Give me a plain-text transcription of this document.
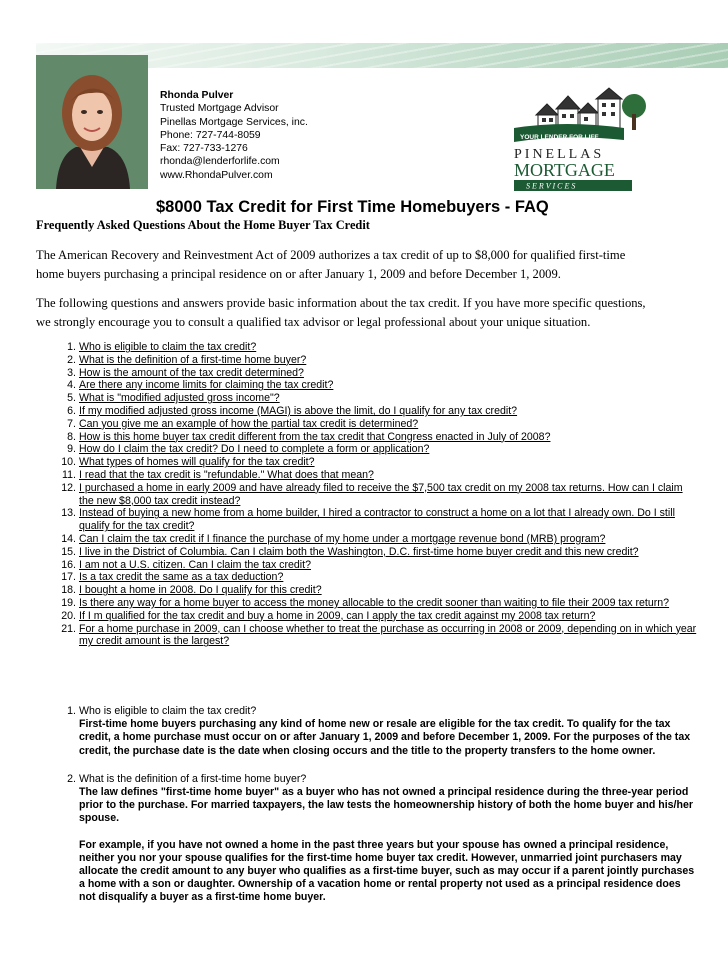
Rhonda Pulver
Trusted Mortgage Advisor
Pinellas Mortgage Services, inc.
Phone: 727-744-8059
Fax: 727-733-1276
rhonda@lenderforlife.com
www.RhondaPulver.com
YOUR LENDER FOR LIFE
PINELLAS
MORTGAGE
S E R V I C E S
$8000 Tax Credit for First Time Homebuyers - FAQ
Frequently Asked Questions About the Home Buyer Tax Credit
The American Recovery and Reinvestment Act of 2009 authorizes a tax credit of up to $8,000 for qualified first-time
home buyers purchasing a principal residence on or after January 1, 2009 and before December 1, 2009.
The following questions and answers provide basic information about the tax credit. If you have more specific questions,
we strongly encourage you to consult a qualified tax advisor or legal professional about your unique situation.
1. Who is eligible to claim the tax credit?
2. What is the definition of a first-time home buyer?
3. How is the amount of the tax credit determined?
4. Are there any income limits for claiming the tax credit?
5. What is "modified adjusted gross income"?
6. If my modified adjusted gross income (MAGI) is above the limit, do I qualify for any tax credit?
7. Can you give me an example of how the partial tax credit is determined?
8. How is this home buyer tax credit different from the tax credit that Congress enacted in July of 2008?
9. How do I claim the tax credit? Do I need to complete a form or application?
10. What types of homes will qualify for the tax credit?
11. I read that the tax credit is "refundable." What does that mean?
12. I purchased a home in early 2009 and have already filed to receive the $7,500 tax credit on my 2008 tax returns. How can I claim the new $8,000 tax credit instead?
13. Instead of buying a new home from a home builder, I hired a contractor to construct a home on a lot that I already own. Do I still qualify for the tax credit?
14. Can I claim the tax credit if I finance the purchase of my home under a mortgage revenue bond (MRB) program?
15. I live in the District of Columbia. Can I claim both the Washington, D.C. first-time home buyer credit and this new credit?
16. I am not a U.S. citizen. Can I claim the tax credit?
17. Is a tax credit the same as a tax deduction?
18. I bought a home in 2008. Do I qualify for this credit?
19. Is there any way for a home buyer to access the money allocable to the credit sooner than waiting to file their 2009 tax return?
20. If I m qualified for the tax credit and buy a home in 2009, can I apply the tax credit against my 2008 tax return?
21. For a home purchase in 2009, can I choose whether to treat the purchase as occurring in 2008 or 2009, depending on in which year my credit amount is the largest?
1. Who is eligible to claim the tax credit?
First-time home buyers purchasing any kind of home new or resale are eligible for the tax credit. To qualify for the tax credit, a home purchase must occur on or after January 1, 2009 and before December 1, 2009. For the purposes of the tax credit, the purchase date is the date when closing occurs and the title to the property transfers to the home owner.
2. What is the definition of a first-time home buyer?
The law defines "first-time home buyer" as a buyer who has not owned a principal residence during the three-year period prior to the purchase. For married taxpayers, the law tests the homeownership history of both the home buyer and his/her spouse.
For example, if you have not owned a home in the past three years but your spouse has owned a principal residence, neither you nor your spouse qualifies for the first-time home buyer tax credit. However, unmarried joint purchasers may allocate the credit amount to any buyer who qualifies as a first-time buyer, such as may occur if a parent jointly purchases a home with a son or daughter. Ownership of a vacation home or rental property not used as a principal residence does not disqualify a buyer as a first-time home buyer.
